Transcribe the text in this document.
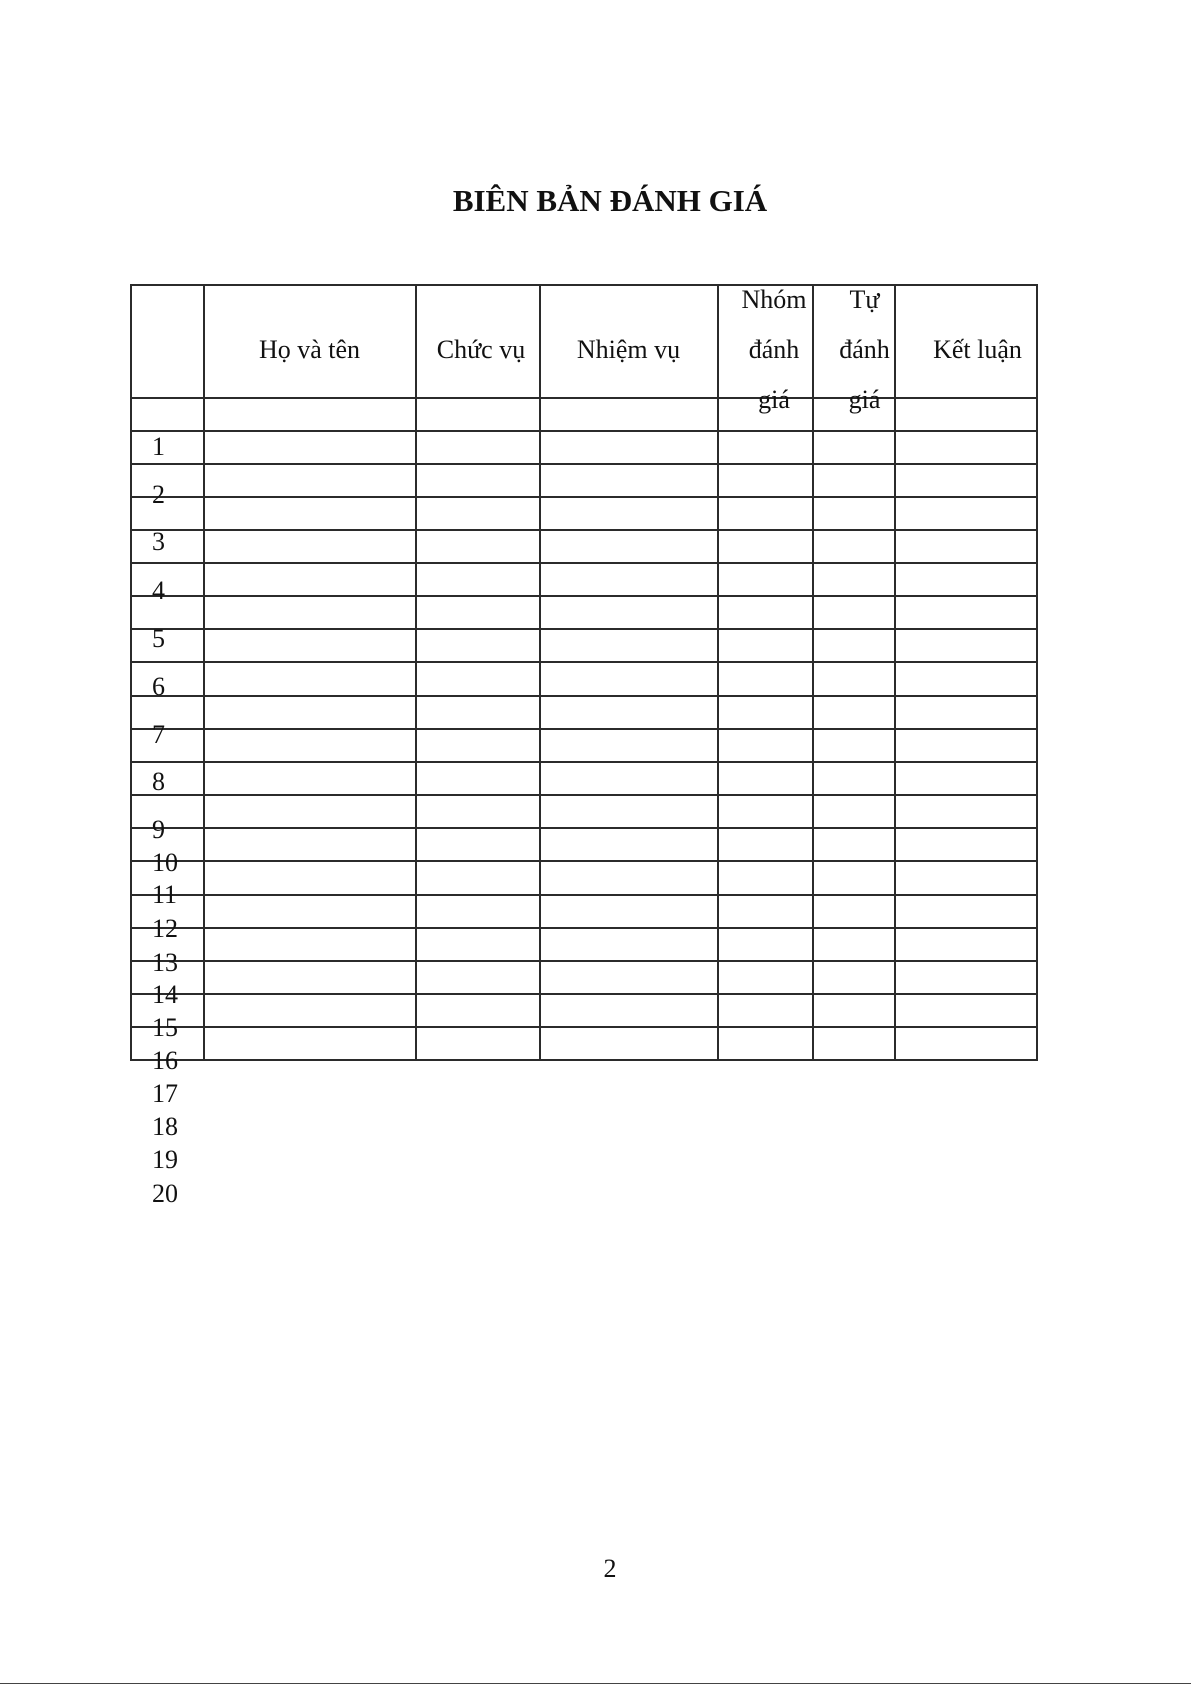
BIÊN BẢN ĐÁNH GIÁ
Họ và tên	Chức vụ	Nhiệm vụ
Nhóm
đánh
giá
Tự
đánh
giá
Kết luận
1
2
3
4
5
6
7
8
9
10
11
12
13
14
15
16
17
18
19
20
2
